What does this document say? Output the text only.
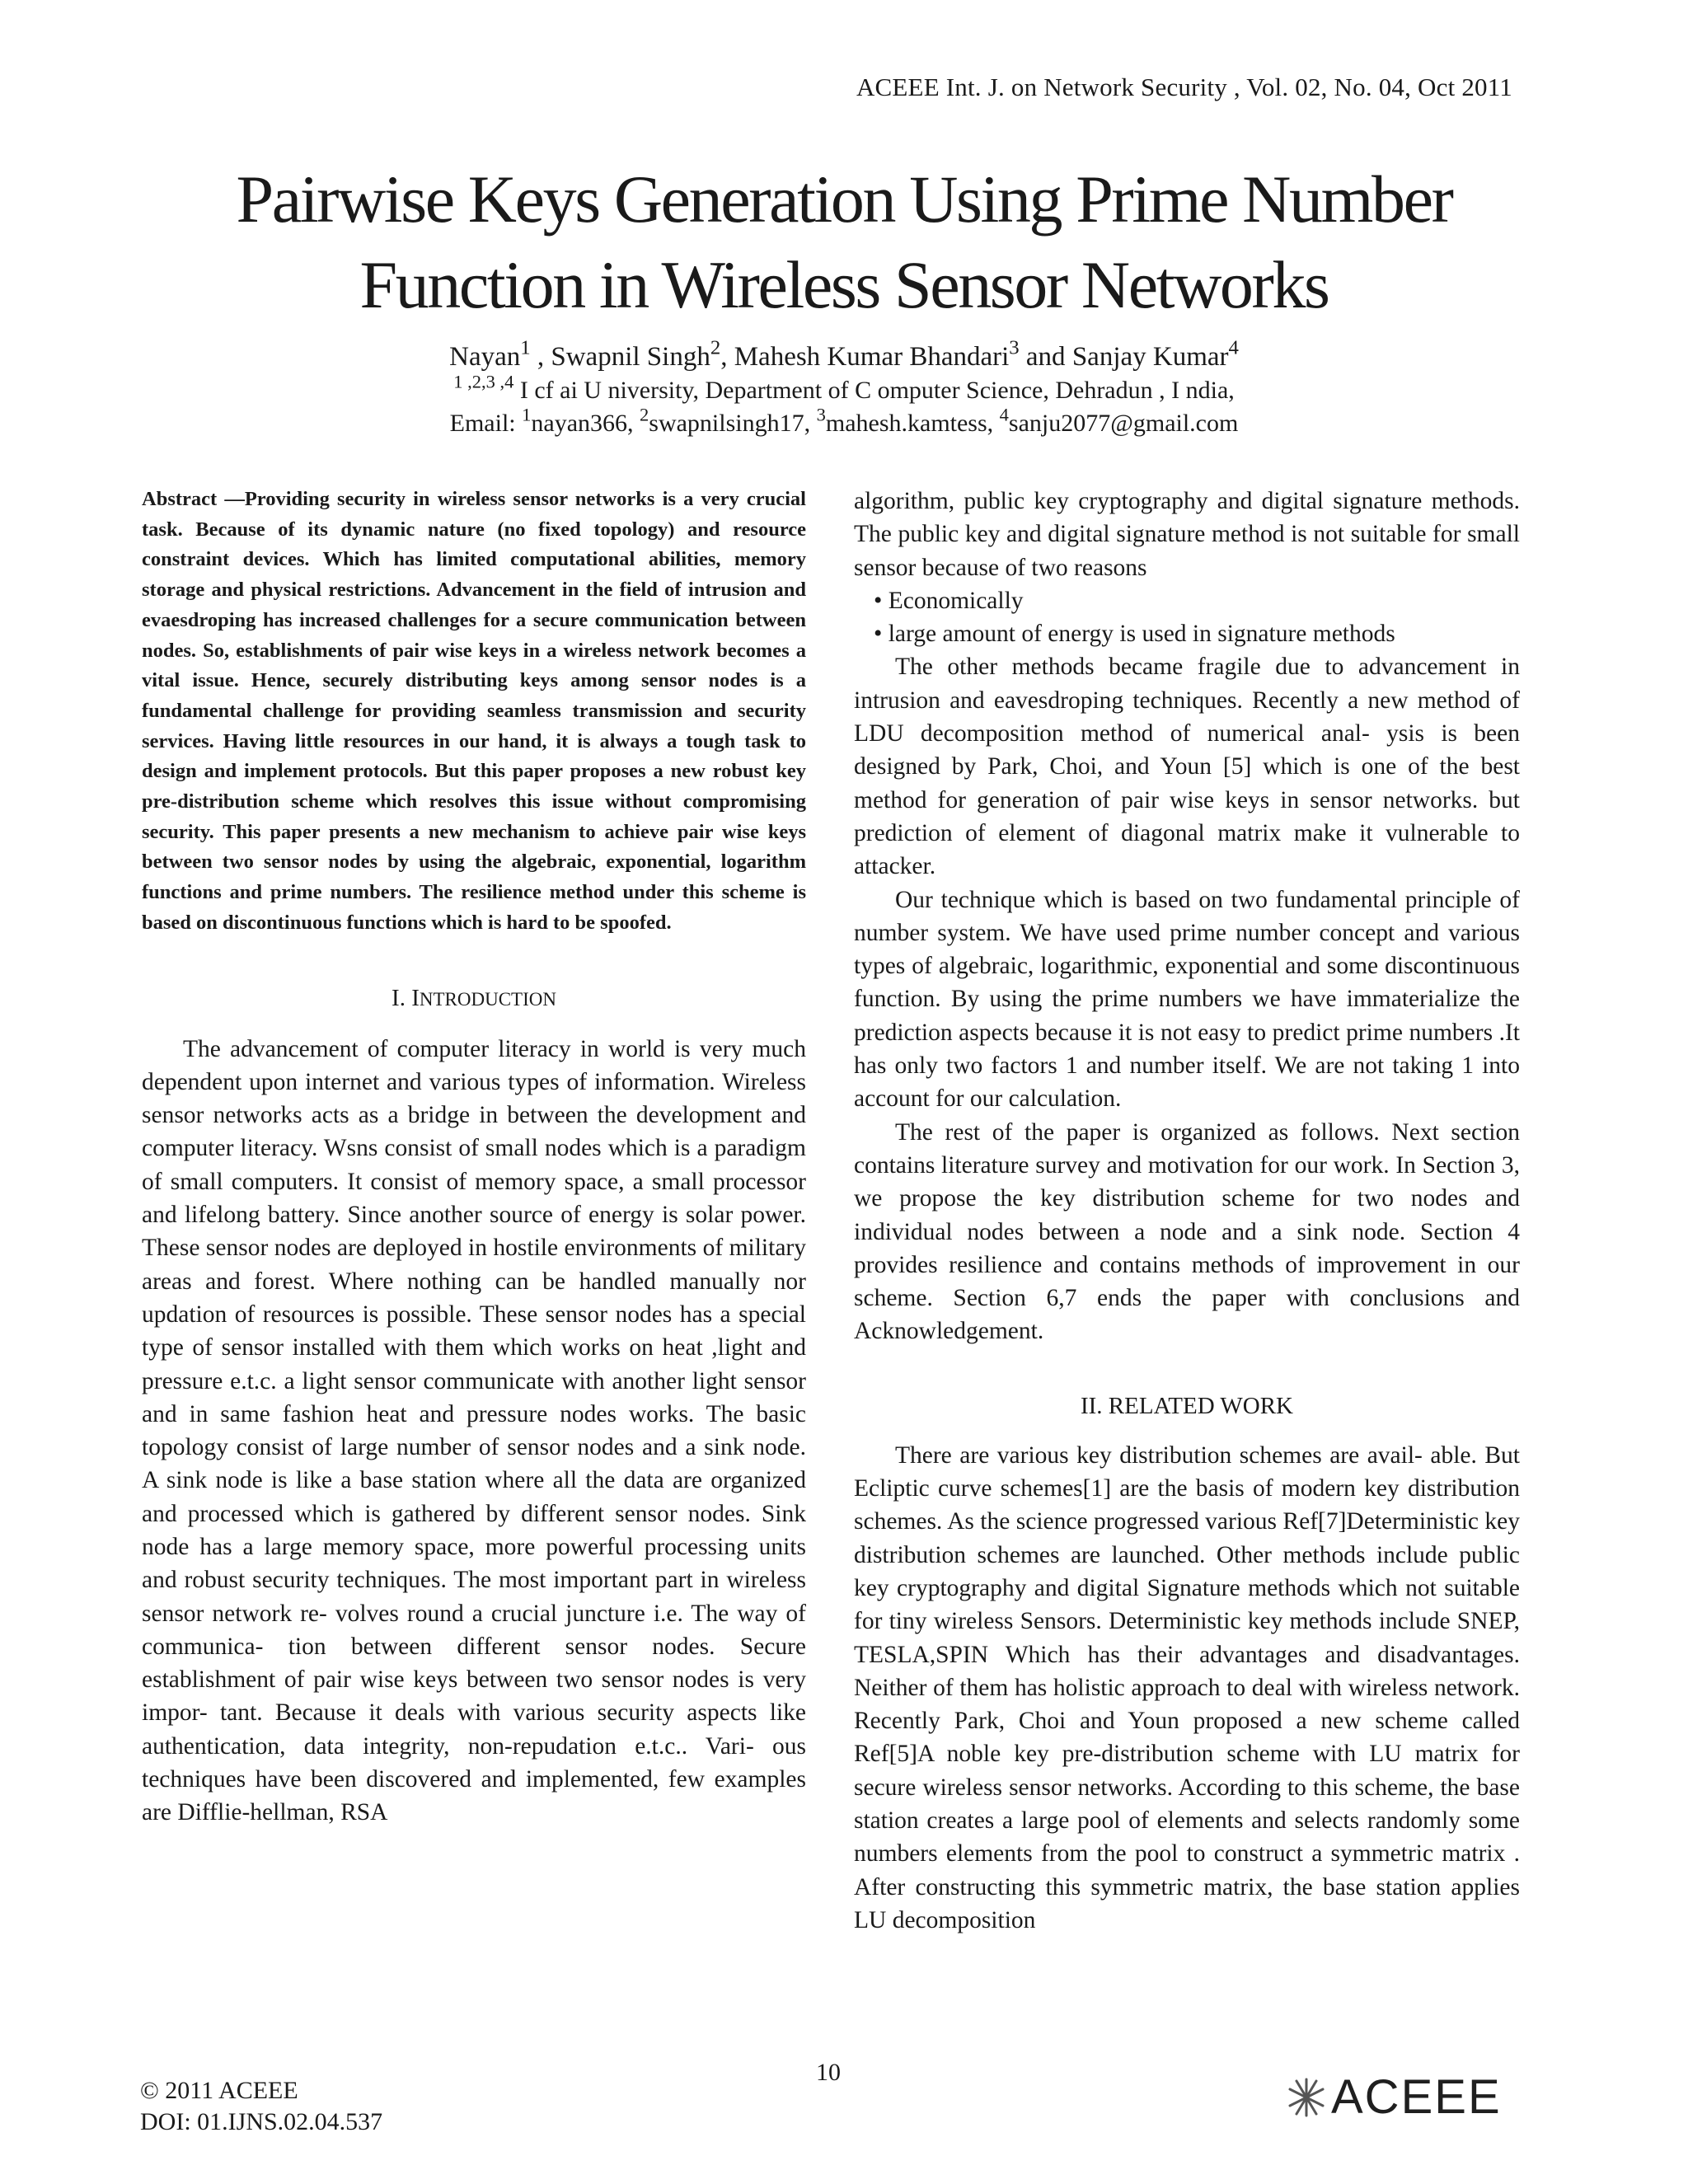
ACEEE Int. J. on Network Security , Vol. 02, No. 04, Oct 2011
Pairwise Keys Generation Using Prime Number
Function in Wireless Sensor Networks
Nayan$^1$ , Swapnil Singh$^2$, Mahesh Kumar Bhandari$^3$ and Sanjay Kumar$^4$
$^{1 ,2,3 ,4}$ I cf ai U niversity, Department of C omputer Science, Dehradun , I ndia,
Email: $^1$nayan366, $^2$swapnilsingh17, $^3$mahesh.kamtess, $^4$sanju2077@gmail.com

Abstract —Providing security in wireless sensor networks is a very crucial task. Because of its dynamic nature (no fixed topology) and resource constraint devices. Which has limited computational abilities, memory storage and physical restrictions. Advancement in the field of intrusion and evaesdroping has increased challenges for a secure communication between nodes. So, establishments of pair wise keys in a wireless network becomes a vital issue. Hence, securely distributing keys among sensor nodes is a fundamental challenge for providing seamless transmission and security services. Having little resources in our hand, it is always a tough task to design and implement protocols. But this paper proposes a new robust key pre-distribution scheme which resolves this issue without compromising security. This paper presents a new mechanism to achieve pair wise keys between two sensor nodes by using the algebraic, exponential, logarithm functions and prime numbers. The resilience method under this scheme is based on discontinuous functions which is hard to be spoofed.

I. INTRODUCTION

The advancement of computer literacy in world is very much dependent upon internet and various types of information. Wireless sensor networks acts as a bridge in between the development and computer literacy. Wsns consist of small nodes which is a paradigm of small computers. It consist of memory space, a small processor and lifelong battery. Since another source of energy is solar power. These sensor nodes are deployed in hostile environments of military areas and forest. Where nothing can be handled manually nor updation of resources is possible. These sensor nodes has a special type of sensor installed with them which works on heat ,light and pressure e.t.c. a light sensor communicate with another light sensor and in same fashion heat and pressure nodes works. The basic topology consist of large number of sensor nodes and a sink node. A sink node is like a base station where all the data are organized and processed which is gathered by different sensor nodes. Sink node has a large memory space, more powerful processing units and robust security techniques. The most important part in wireless sensor network re- volves round a crucial juncture i.e. The way of communica- tion between different sensor nodes. Secure establishment of pair wise keys between two sensor nodes is very impor- tant. Because it deals with various security aspects like authentication, data integrity, non-repudation e.t.c.. Vari- ous techniques have been discovered and implemented, few examples are Difflie-hellman, RSA

algorithm, public key cryptography and digital signature methods. The public key and digital signature method is not suitable for small sensor because of two reasons

• Economically
• large amount of energy is used in signature methods

The other methods became fragile due to advancement in intrusion and eavesdroping techniques. Recently a new method of LDU decomposition method of numerical anal- ysis is been designed by Park, Choi, and Youn [5] which is one of the best method for generation of pair wise keys in sensor networks. but prediction of element of diagonal matrix make it vulnerable to attacker.

Our technique which is based on two fundamental principle of number system. We have used prime number concept and various types of algebraic, logarithmic, exponential and some discontinuous function. By using the prime numbers we have immaterialize the prediction aspects because it is not easy to predict prime numbers .It has only two factors 1 and number itself. We are not taking 1 into account for our calculation.

The rest of the paper is organized as follows. Next section contains literature survey and motivation for our work. In Section 3, we propose the key distribution scheme for two nodes and individual nodes between a node and a sink node. Section 4 provides resilience and contains methods of improvement in our scheme. Section 6,7 ends the paper with conclusions and Acknowledgement.

II. RELATED WORK

There are various key distribution schemes are avail- able. But Ecliptic curve schemes[1] are the basis of modern key distribution schemes. As the science progressed various Ref[7]Deterministic key distribution schemes are launched. Other methods include public key cryptography and digital Signature methods which not suitable for tiny wireless Sensors. Deterministic key methods include SNEP, TESLA,SPIN Which has their advantages and disadvantages. Neither of them has holistic approach to deal with wireless network. Recently Park, Choi and Youn proposed a new scheme called Ref[5]A noble key pre-distribution scheme with LU matrix for secure wireless sensor networks. According to this scheme, the base station creates a large pool of elements and selects randomly some numbers elements from the pool to construct a symmetric matrix . After constructing this symmetric matrix, the base station applies LU decomposition

© 2011 ACEEE
DOI: 01.IJNS.02.04.537
10	ACEEE
